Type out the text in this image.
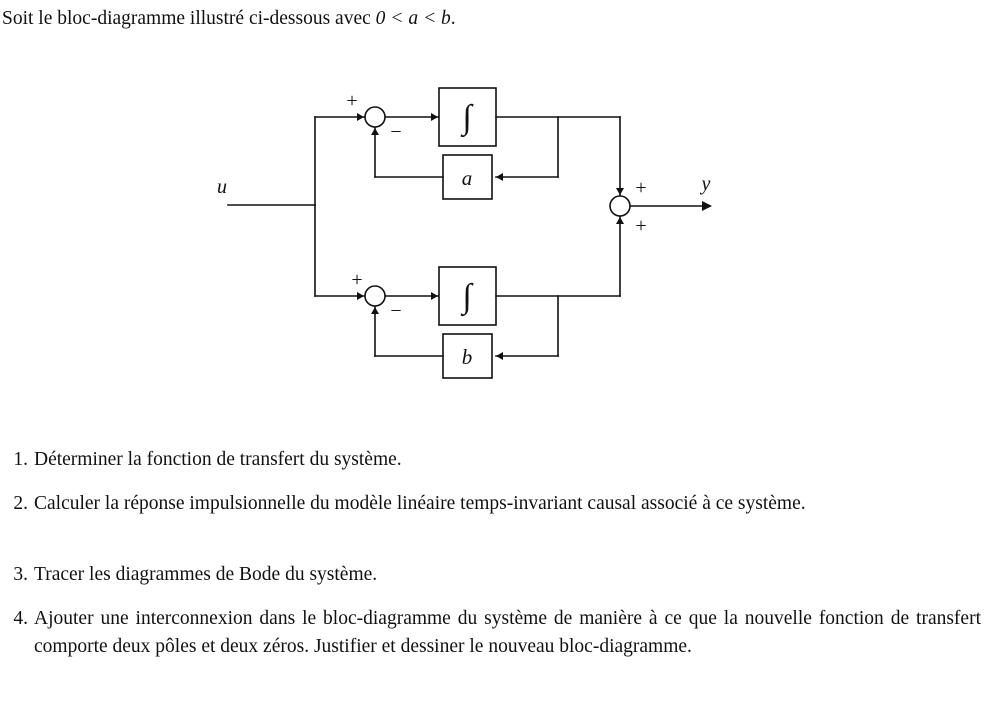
Soit le bloc-diagramme illustré ci-dessous avec 0 < a < b.
u	y
∫
∫
a
b
+
−
+
−
+
+
1. Déterminer la fonction de transfert du système.
2. Calculer la réponse impulsionnelle du modèle linéaire temps-invariant causal associé à ce système.
3. Tracer les diagrammes de Bode du système.
4. Ajouter une interconnexion dans le bloc-diagramme du système de manière à ce que la nouvelle fonction de transfert comporte deux pôles et deux zéros. Justifier et dessiner le nouveau bloc-diagramme.
